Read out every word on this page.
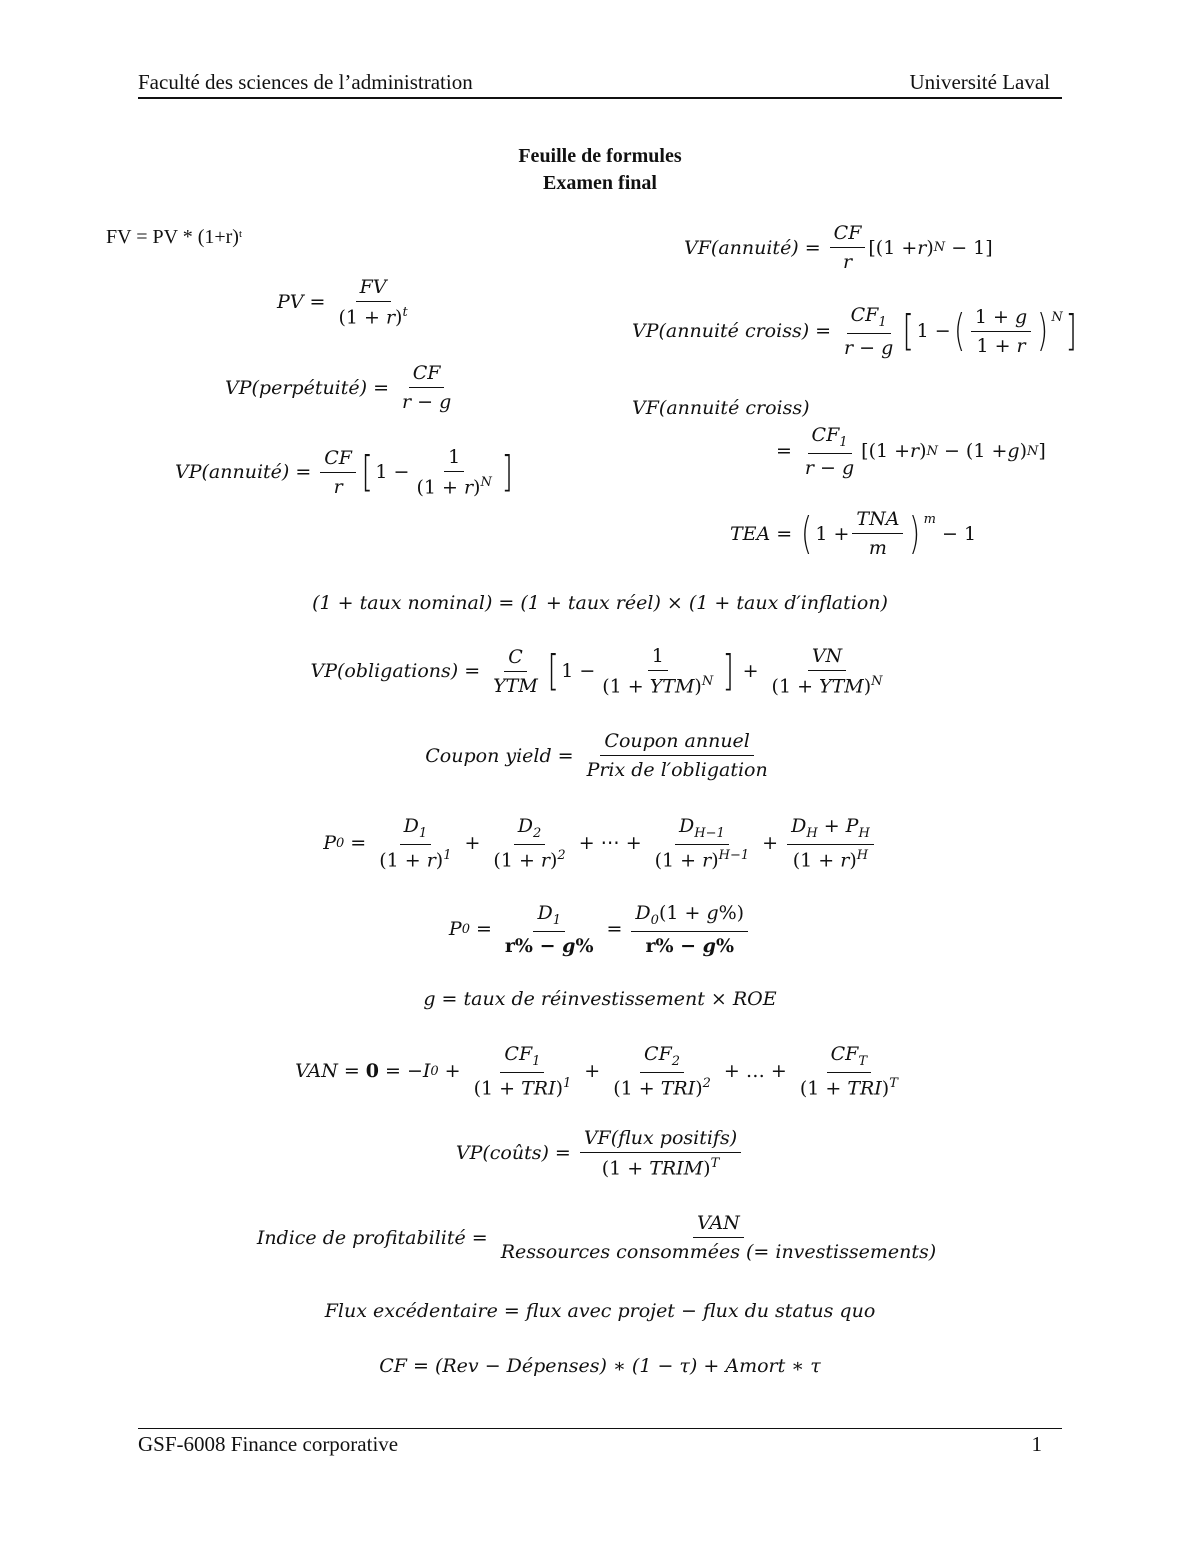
Faculté des sciences de l’administration	Université Laval
Feuille de formules
Examen final
FV = PV * $(1+r)^t$
PV = $\frac{FV}{(1 + r)^t}$
VP(perpétuité) = $\frac{CF}{r - g}$
VP(annuité) = $\frac{CF}{r}$ [ $1 - \frac{1}{(1 + r)^N}$ ]
VF(annuité) = $\frac{CF}{r} [(1 + r$ ) N − 1]
VP(annuité croiss) = $\frac{CF_1}{r - g}$ [ 1 − ( 1 + g
1 + r )$^N$ ]
VF(annuité croiss)
= $\frac{CF_1}{r - g} [(1 + r$ ) N − (1 + g ) N ]
TEA = ( 1 +
TNA
m )$^m$
− 1
(1 + taux nominal) = (1 + taux réel) × (1 + taux d′inflation)
VP(obligations) =
C
YTM [ 1 −
1
(1 + YTM)$^N$ ] +
VN
(1 + YTM)$^N$
Coupon yield =
Coupon annuel
Prix de l′obligation
P $0 = \frac{D_1}{(1 + r)^1} + \frac{D_2}{(1 + r)^2}$ + ⋯ + $\frac{D_{H-1}}{(1 + r)^{H-1}} + \frac{D_H + P_H}{(1 + r)^H}$
P $0 = \frac{D_1}{r\% - g\%} = \frac{D_0(1 + g\%)}{r\% - g\%}$
g = taux de réinvestissement × ROE
VAN = 0 = −I 0 +
$CF_1$
(1 + TRI)$^1$
+
$CF_2$
(1 + TRI)$^2$
+ … +
$CF_T$
(1 + TRI)$^T$
VP(coûts) =
VF(flux positifs)
(1 + TRIM)$^T$
Indice de profitabilité =
VAN
Ressources consommées (= investissements)
Flux excédentaire = flux avec projet − flux du status quo
CF = (Rev − Dépenses) ∗ (1 − τ) + Amort ∗ τ
GSF-6008 Finance corporative	1
